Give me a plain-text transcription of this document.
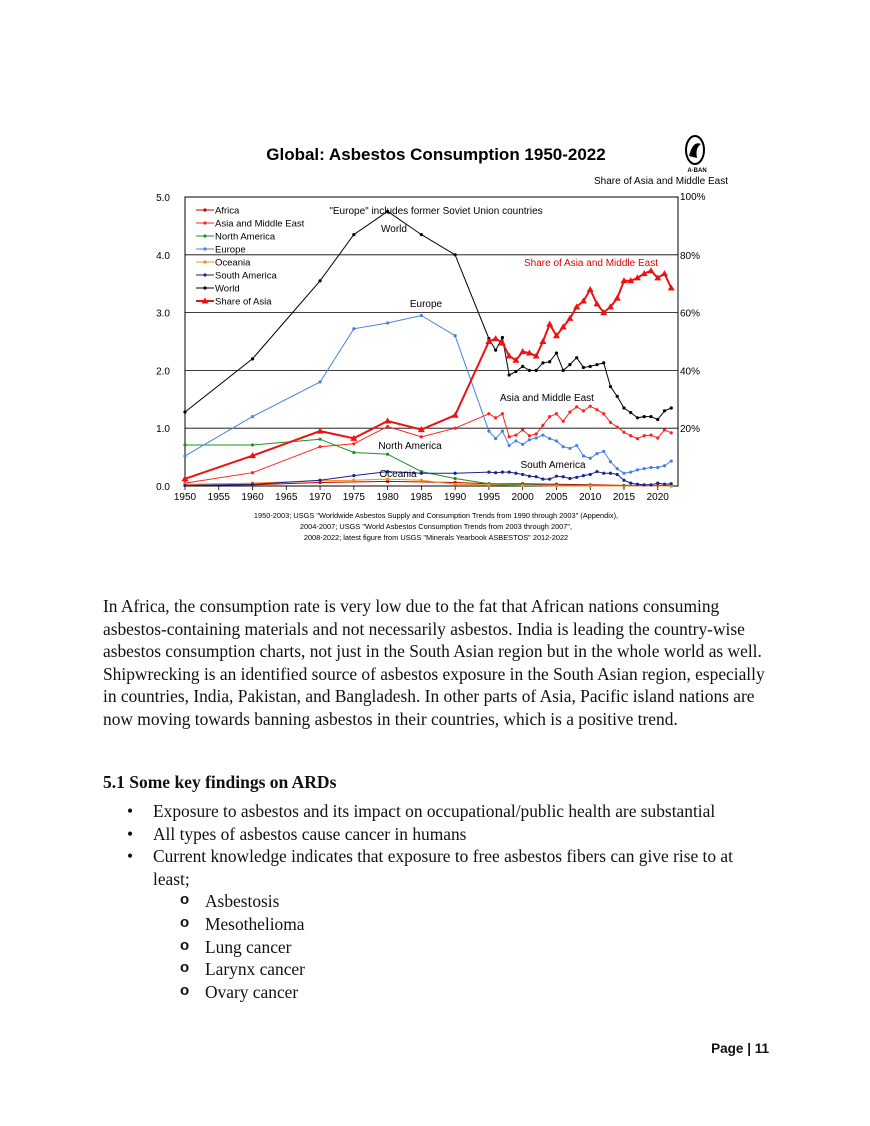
Global: Asbestos Consumption 1950-2022
A-BAN
Share of Asia and Middle East
0.0
1.0
2.0
3.0
4.0
5.0	100%
20%
40%
60%
80%
1950 1955 1960 1965 1970 1975 1980 1985 1990 1995 2000 2005 2010 2015 2020
Africa
Asia and Middle East
North America
Europe
Oceania
South America
World
Share of Asia
"Europe" includes former Soviet Union countries
Share of Asia and Middle East
World
Europe
Asia and Middle East
North America
South America
Oceania
1950-2003; USGS "Worldwide Asbestos Supply and Consumption Trends from 1990 through 2003" (Appendix),
2004-2007; USGS "World Asbestos Consumption Trends from 2003 through 2007",
2008-2022; latest figure from USGS "Minerals Yearbook ASBESTOS" 2012-2022

In Africa, the consumption rate is very low due to the fat that African nations consuming asbestos-containing materials and not necessarily asbestos. India is leading the country-wise asbestos consumption charts, not just in the South Asian region but in the whole world as well. Shipwrecking is an identified source of asbestos exposure in the South Asian region, especially in countries, India, Pakistan, and Bangladesh. In other parts of Asia, Pacific island nations are now moving towards banning asbestos in their countries, which is a positive trend.

5.1 Some key findings on ARDs
• Exposure to asbestos and its impact on occupational/public health are substantial
• All types of asbestos cause cancer in humans
• Current knowledge indicates that exposure to free asbestos fibers can give rise to at least;
o Asbestosis
o Mesothelioma
o Lung cancer
o Larynx cancer
o Ovary cancer
Page | 11
